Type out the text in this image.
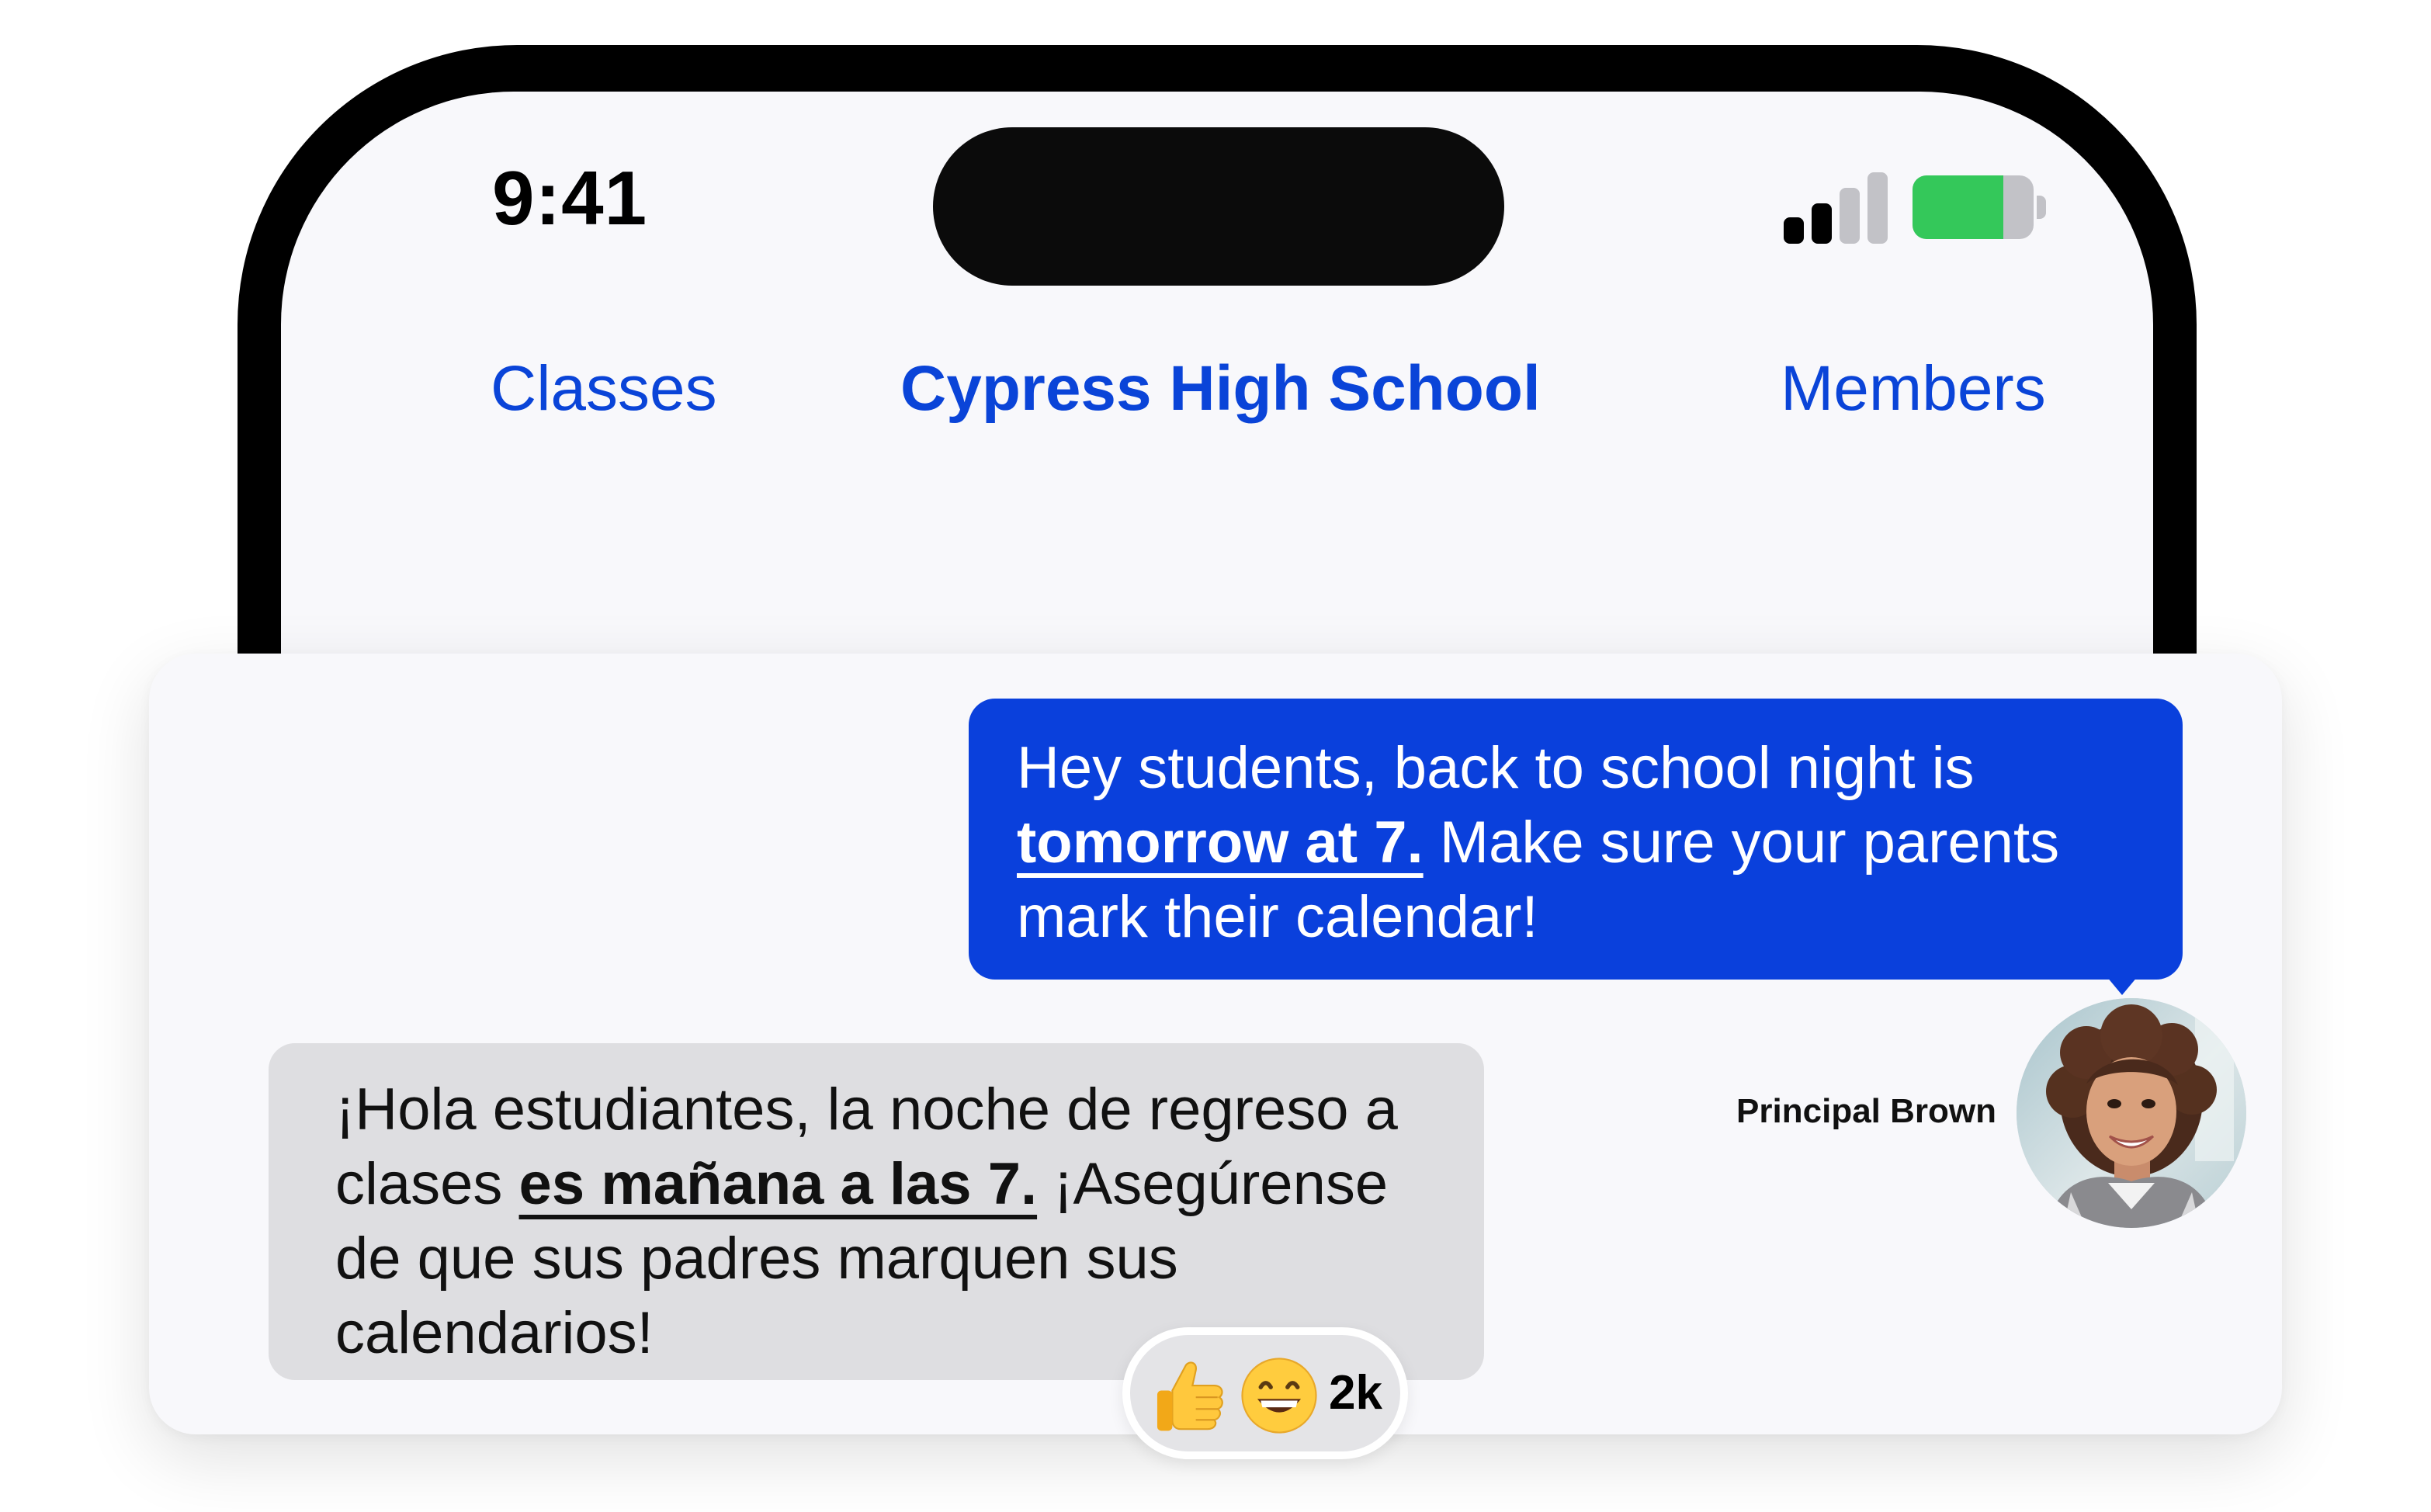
9:41
Classes	Cypress High School	Members
Hey students, back to school night is tomorrow at 7. Make sure your parents mark their calendar!
¡Hola estudiantes, la noche de regreso a clases es mañana a las 7. ¡Asegúrense de que sus padres marquen sus calendarios!
Principal Brown
2k
